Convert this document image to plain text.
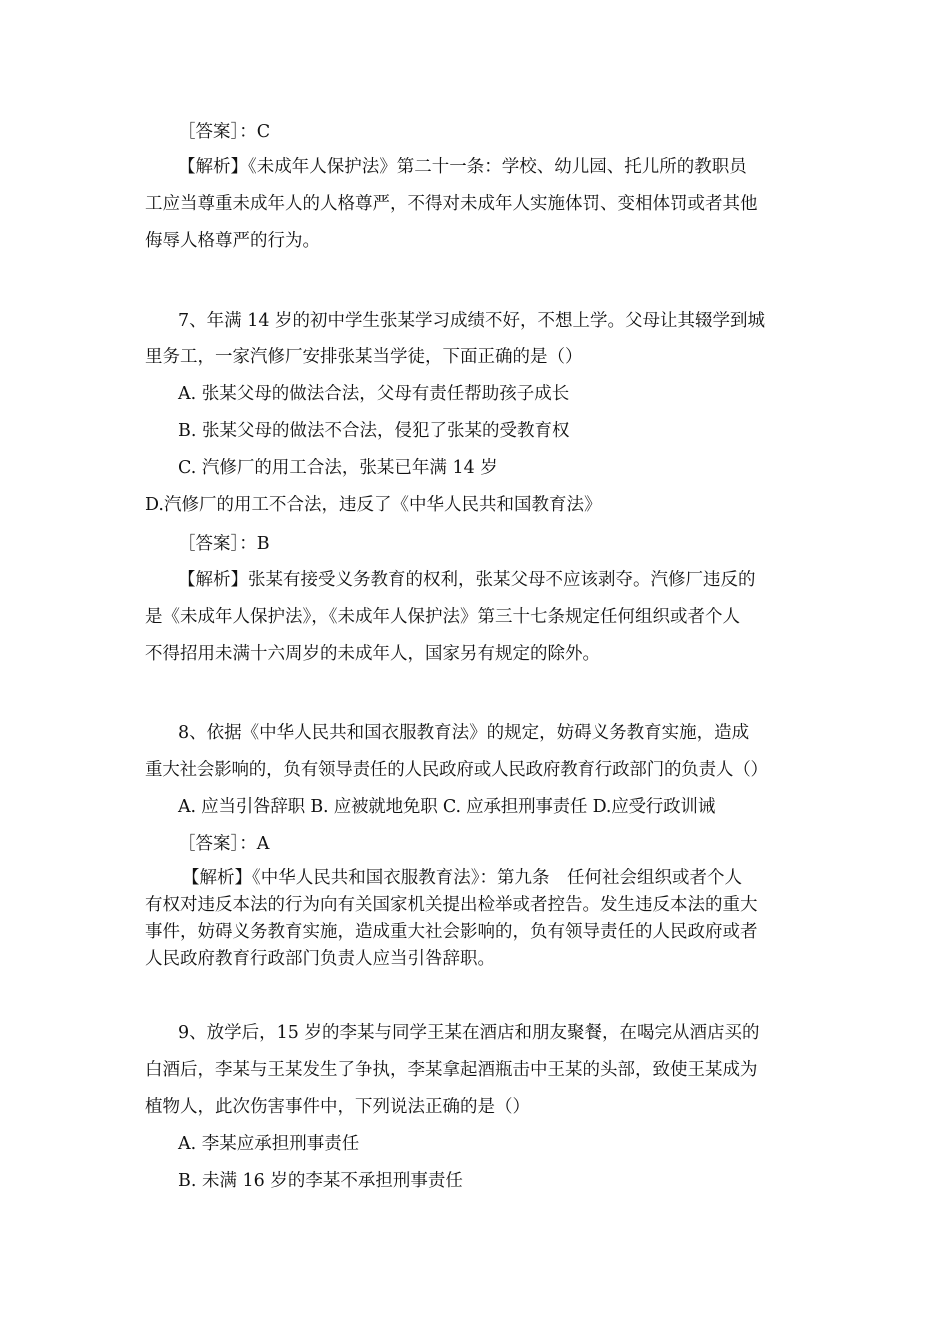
［答案］：C
【解析】《未成年人保护法》第二十一条：学校、幼儿园、托儿所的教职员
工应当尊重未成年人的人格尊严，不得对未成年人实施体罚、变相体罚或者其他
侮辱人格尊严的行为。
7、年满 14 岁的初中学生张某学习成绩不好，不想上学。父母让其辍学到城
里务工，一家汽修厂安排张某当学徒，下面正确的是（）
A. 张某父母的做法合法，父母有责任帮助孩子成长
B. 张某父母的做法不合法，侵犯了张某的受教育权
C. 汽修厂的用工合法，张某已年满 14 岁
D.汽修厂的用工不合法，违反了《中华人民共和国教育法》
［答案］：B
【解析】张某有接受义务教育的权利，张某父母不应该剥夺。汽修厂违反的
是《未成年人保护法》，《未成年人保护法》第三十七条规定任何组织或者个人
不得招用未满十六周岁的未成年人，国家另有规定的除外。
8、依据《中华人民共和国衣服教育法》的规定，妨碍义务教育实施，造成
重大社会影响的，负有领导责任的人民政府或人民政府教育行政部门的负责人（）
A. 应当引咎辞职 B. 应被就地免职 C. 应承担刑事责任 D.应受行政训诫
［答案］：A
【解析】《中华人民共和国衣服教育法》：第九条　任何社会组织或者个人
有权对违反本法的行为向有关国家机关提出检举或者控告。发生违反本法的重大
事件，妨碍义务教育实施，造成重大社会影响的，负有领导责任的人民政府或者
人民政府教育行政部门负责人应当引咎辞职。
9、放学后，15 岁的李某与同学王某在酒店和朋友聚餐，在喝完从酒店买的
白酒后，李某与王某发生了争执，李某拿起酒瓶击中王某的头部，致使王某成为
植物人，此次伤害事件中，下列说法正确的是（）
A. 李某应承担刑事责任
B. 未满 16 岁的李某不承担刑事责任
